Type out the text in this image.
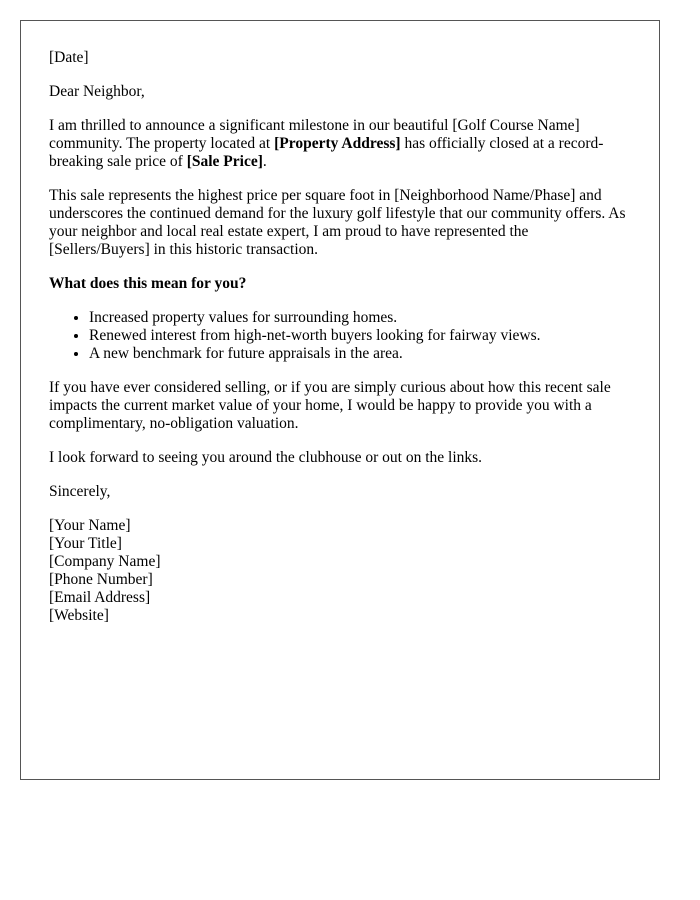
[Date]

Dear Neighbor,

I am thrilled to announce a significant milestone in our beautiful [Golf Course Name] community. The property located at [Property Address] has officially closed at a record-breaking sale price of [Sale Price].

This sale represents the highest price per square foot in [Neighborhood Name/Phase] and underscores the continued demand for the luxury golf lifestyle that our community offers. As your neighbor and local real estate expert, I am proud to have represented the [Sellers/Buyers] in this historic transaction.

What does this mean for you?

• Increased property values for surrounding homes.
• Renewed interest from high-net-worth buyers looking for fairway views.
• A new benchmark for future appraisals in the area.

If you have ever considered selling, or if you are simply curious about how this recent sale impacts the current market value of your home, I would be happy to provide you with a complimentary, no-obligation valuation.

I look forward to seeing you around the clubhouse or out on the links.

Sincerely,

[Your Name]
[Your Title]
[Company Name]
[Phone Number]
[Email Address]
[Website]
